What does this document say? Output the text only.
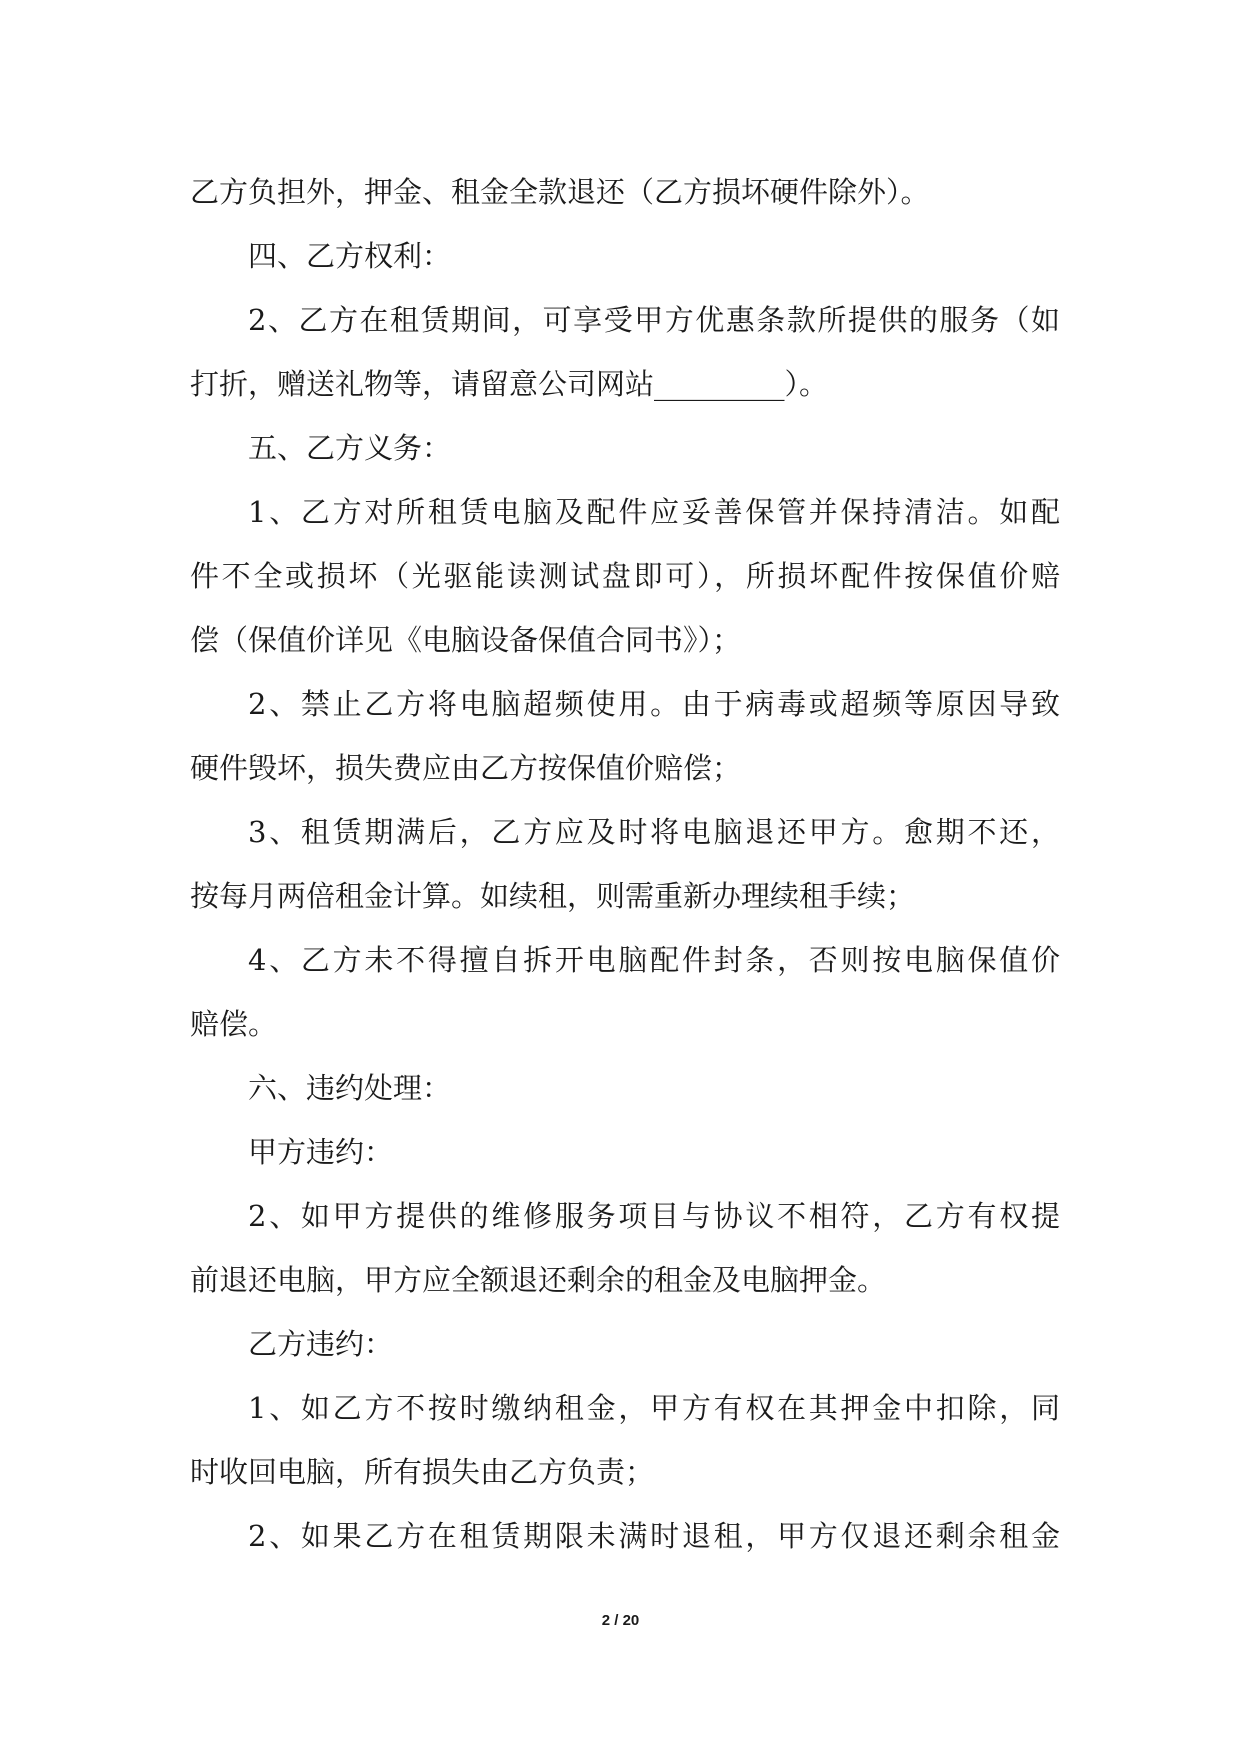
乙方负担外，押金、租金全款退还（乙方损坏硬件除外）。
四、乙方权利：
2、乙方在租赁期间，可享受甲方优惠条款所提供的服务（如
打折，赠送礼物等，请留意公司网站_________）。
五、乙方义务：
1、乙方对所租赁电脑及配件应妥善保管并保持清洁。如配
件不全或损坏（光驱能读测试盘即可），所损坏配件按保值价赔
偿（保值价详见《电脑设备保值合同书》）；
2、禁止乙方将电脑超频使用。由于病毒或超频等原因导致
硬件毁坏，损失费应由乙方按保值价赔偿；
3、租赁期满后，乙方应及时将电脑退还甲方。愈期不还，
按每月两倍租金计算。如续租，则需重新办理续租手续；
4、乙方未不得擅自拆开电脑配件封条，否则按电脑保值价
赔偿。
六、违约处理：
甲方违约：
2、如甲方提供的维修服务项目与协议不相符，乙方有权提
前退还电脑，甲方应全额退还剩余的租金及电脑押金。
乙方违约：
1、如乙方不按时缴纳租金，甲方有权在其押金中扣除，同
时收回电脑，所有损失由乙方负责；
2、如果乙方在租赁期限未满时退租，甲方仅退还剩余租金
2 / 20
